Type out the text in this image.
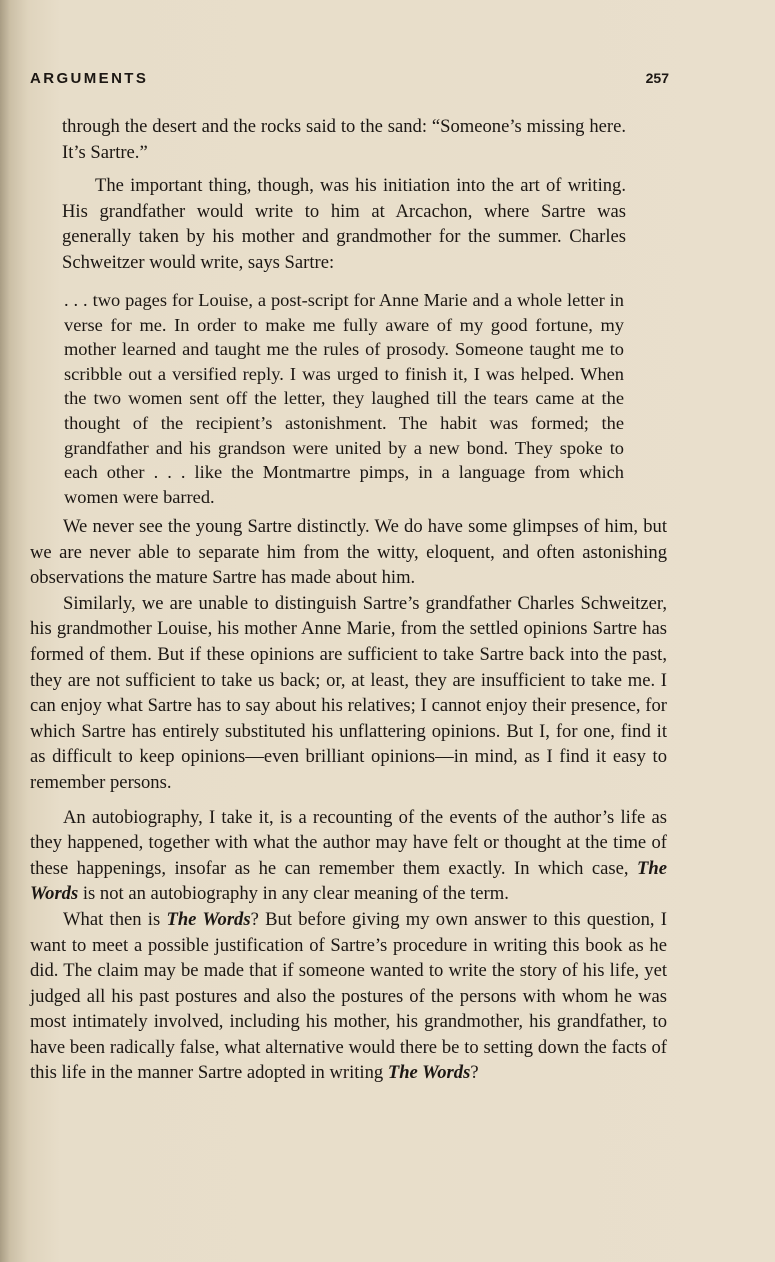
ARGUMENTS	257

through the desert and the rocks said to the sand: “Someone’s missing here. It’s Sartre.”

The important thing, though, was his initiation into the art of writing. His grandfather would write to him at Arcachon, where Sartre was generally taken by his mother and grandmother for the summer. Charles Schweitzer would write, says Sartre:

. . . two pages for Louise, a post-script for Anne Marie and a whole letter in verse for me. In order to make me fully aware of my good fortune, my mother learned and taught me the rules of prosody. Someone taught me to scribble out a versified reply. I was urged to finish it, I was helped. When the two women sent off the letter, they laughed till the tears came at the thought of the recipient’s astonishment. The habit was formed; the grandfather and his grandson were united by a new bond. They spoke to each other . . . like the Montmartre pimps, in a language from which women were barred.

We never see the young Sartre distinctly. We do have some glimpses of him, but we are never able to separate him from the witty, eloquent, and often astonishing observations the mature Sartre has made about him.

Similarly, we are unable to distinguish Sartre’s grandfather Charles Schweitzer, his grandmother Louise, his mother Anne Marie, from the settled opinions Sartre has formed of them. But if these opinions are sufficient to take Sartre back into the past, they are not sufficient to take us back; or, at least, they are insufficient to take me. I can enjoy what Sartre has to say about his relatives; I cannot enjoy their presence, for which Sartre has entirely substituted his unflattering opinions. But I, for one, find it as difficult to keep opinions—even brilliant opinions—in mind, as I find it easy to remember persons.

An autobiography, I take it, is a recounting of the events of the author’s life as they happened, together with what the author may have felt or thought at the time of these happenings, insofar as he can remember them exactly. In which case, The Words is not an autobiography in any clear meaning of the term.

What then is The Words? But before giving my own answer to this question, I want to meet a possible justification of Sartre’s procedure in writing this book as he did. The claim may be made that if someone wanted to write the story of his life, yet judged all his past postures and also the postures of the persons with whom he was most intimately involved, including his mother, his grandmother, his grandfather, to have been radically false, what alternative would there be to setting down the facts of this life in the manner Sartre adopted in writing The Words?
